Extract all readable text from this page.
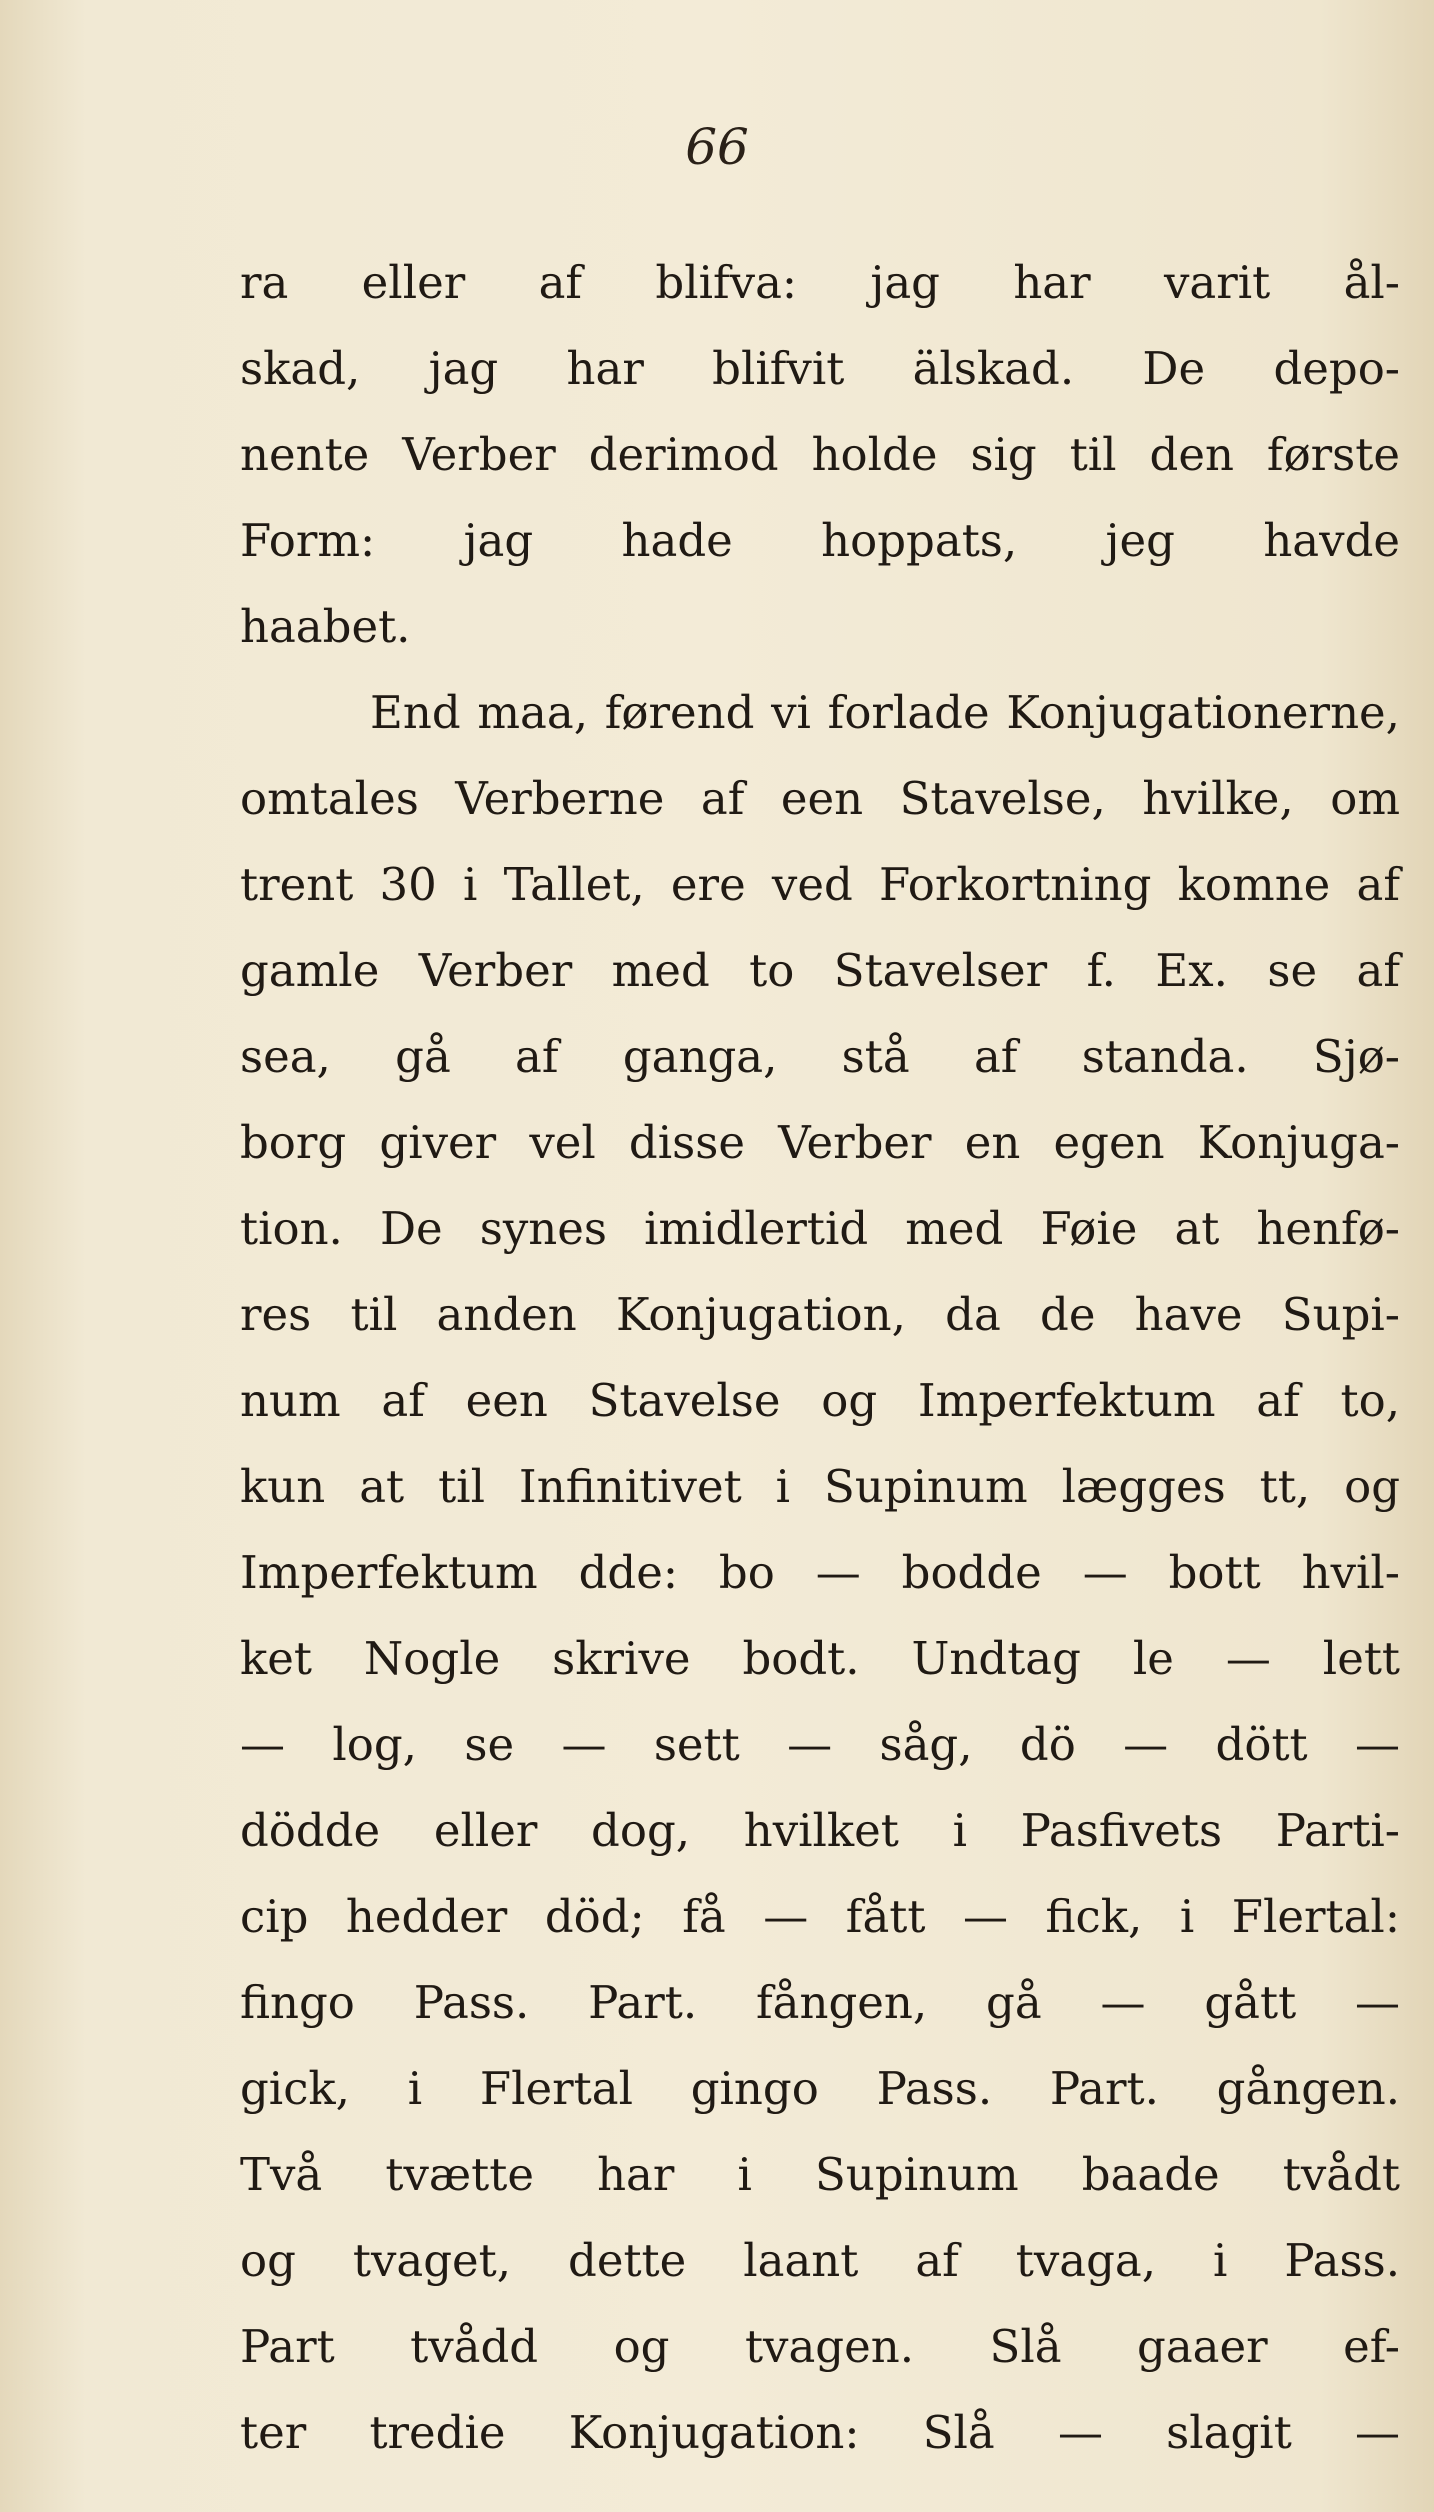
66
ra eller af blifva: jag har varit ål-
skad, jag har blifvit älskad. De depo-
nente Verber derimod holde sig til den første
Form: jag hade hoppats, jeg havde
haabet.
End maa, førend vi forlade Konjugationerne,
omtales Verberne af een Stavelse, hvilke, om
trent 30 i Tallet, ere ved Forkortning komne af
gamle Verber med to Stavelser f. Ex. se af
sea, gå af ganga, stå af standa. Sjø-
borg giver vel disse Verber en egen Konjuga-
tion. De synes imidlertid med Føie at henfø-
res til anden Konjugation, da de have Supi-
num af een Stavelse og Imperfektum af to,
kun at til Infinitivet i Supinum lægges tt, og
Imperfektum dde: bo — bodde — bott hvil-
ket Nogle skrive bodt. Undtag le — lett
— log, se — sett — såg, dö — dött —
dödde eller dog, hvilket i Pasfivets Parti-
cip hedder död; få — fått — fick, i Flertal:
fingo Pass. Part. fången, gå — gått —
gick, i Flertal gingo Pass. Part. gången.
Två tvætte har i Supinum baade tvådt
og tvaget, dette laant af tvaga, i Pass.
Part tvådd og tvagen. Slå gaaer ef-
ter tredie Konjugation: Slå — slagit —
